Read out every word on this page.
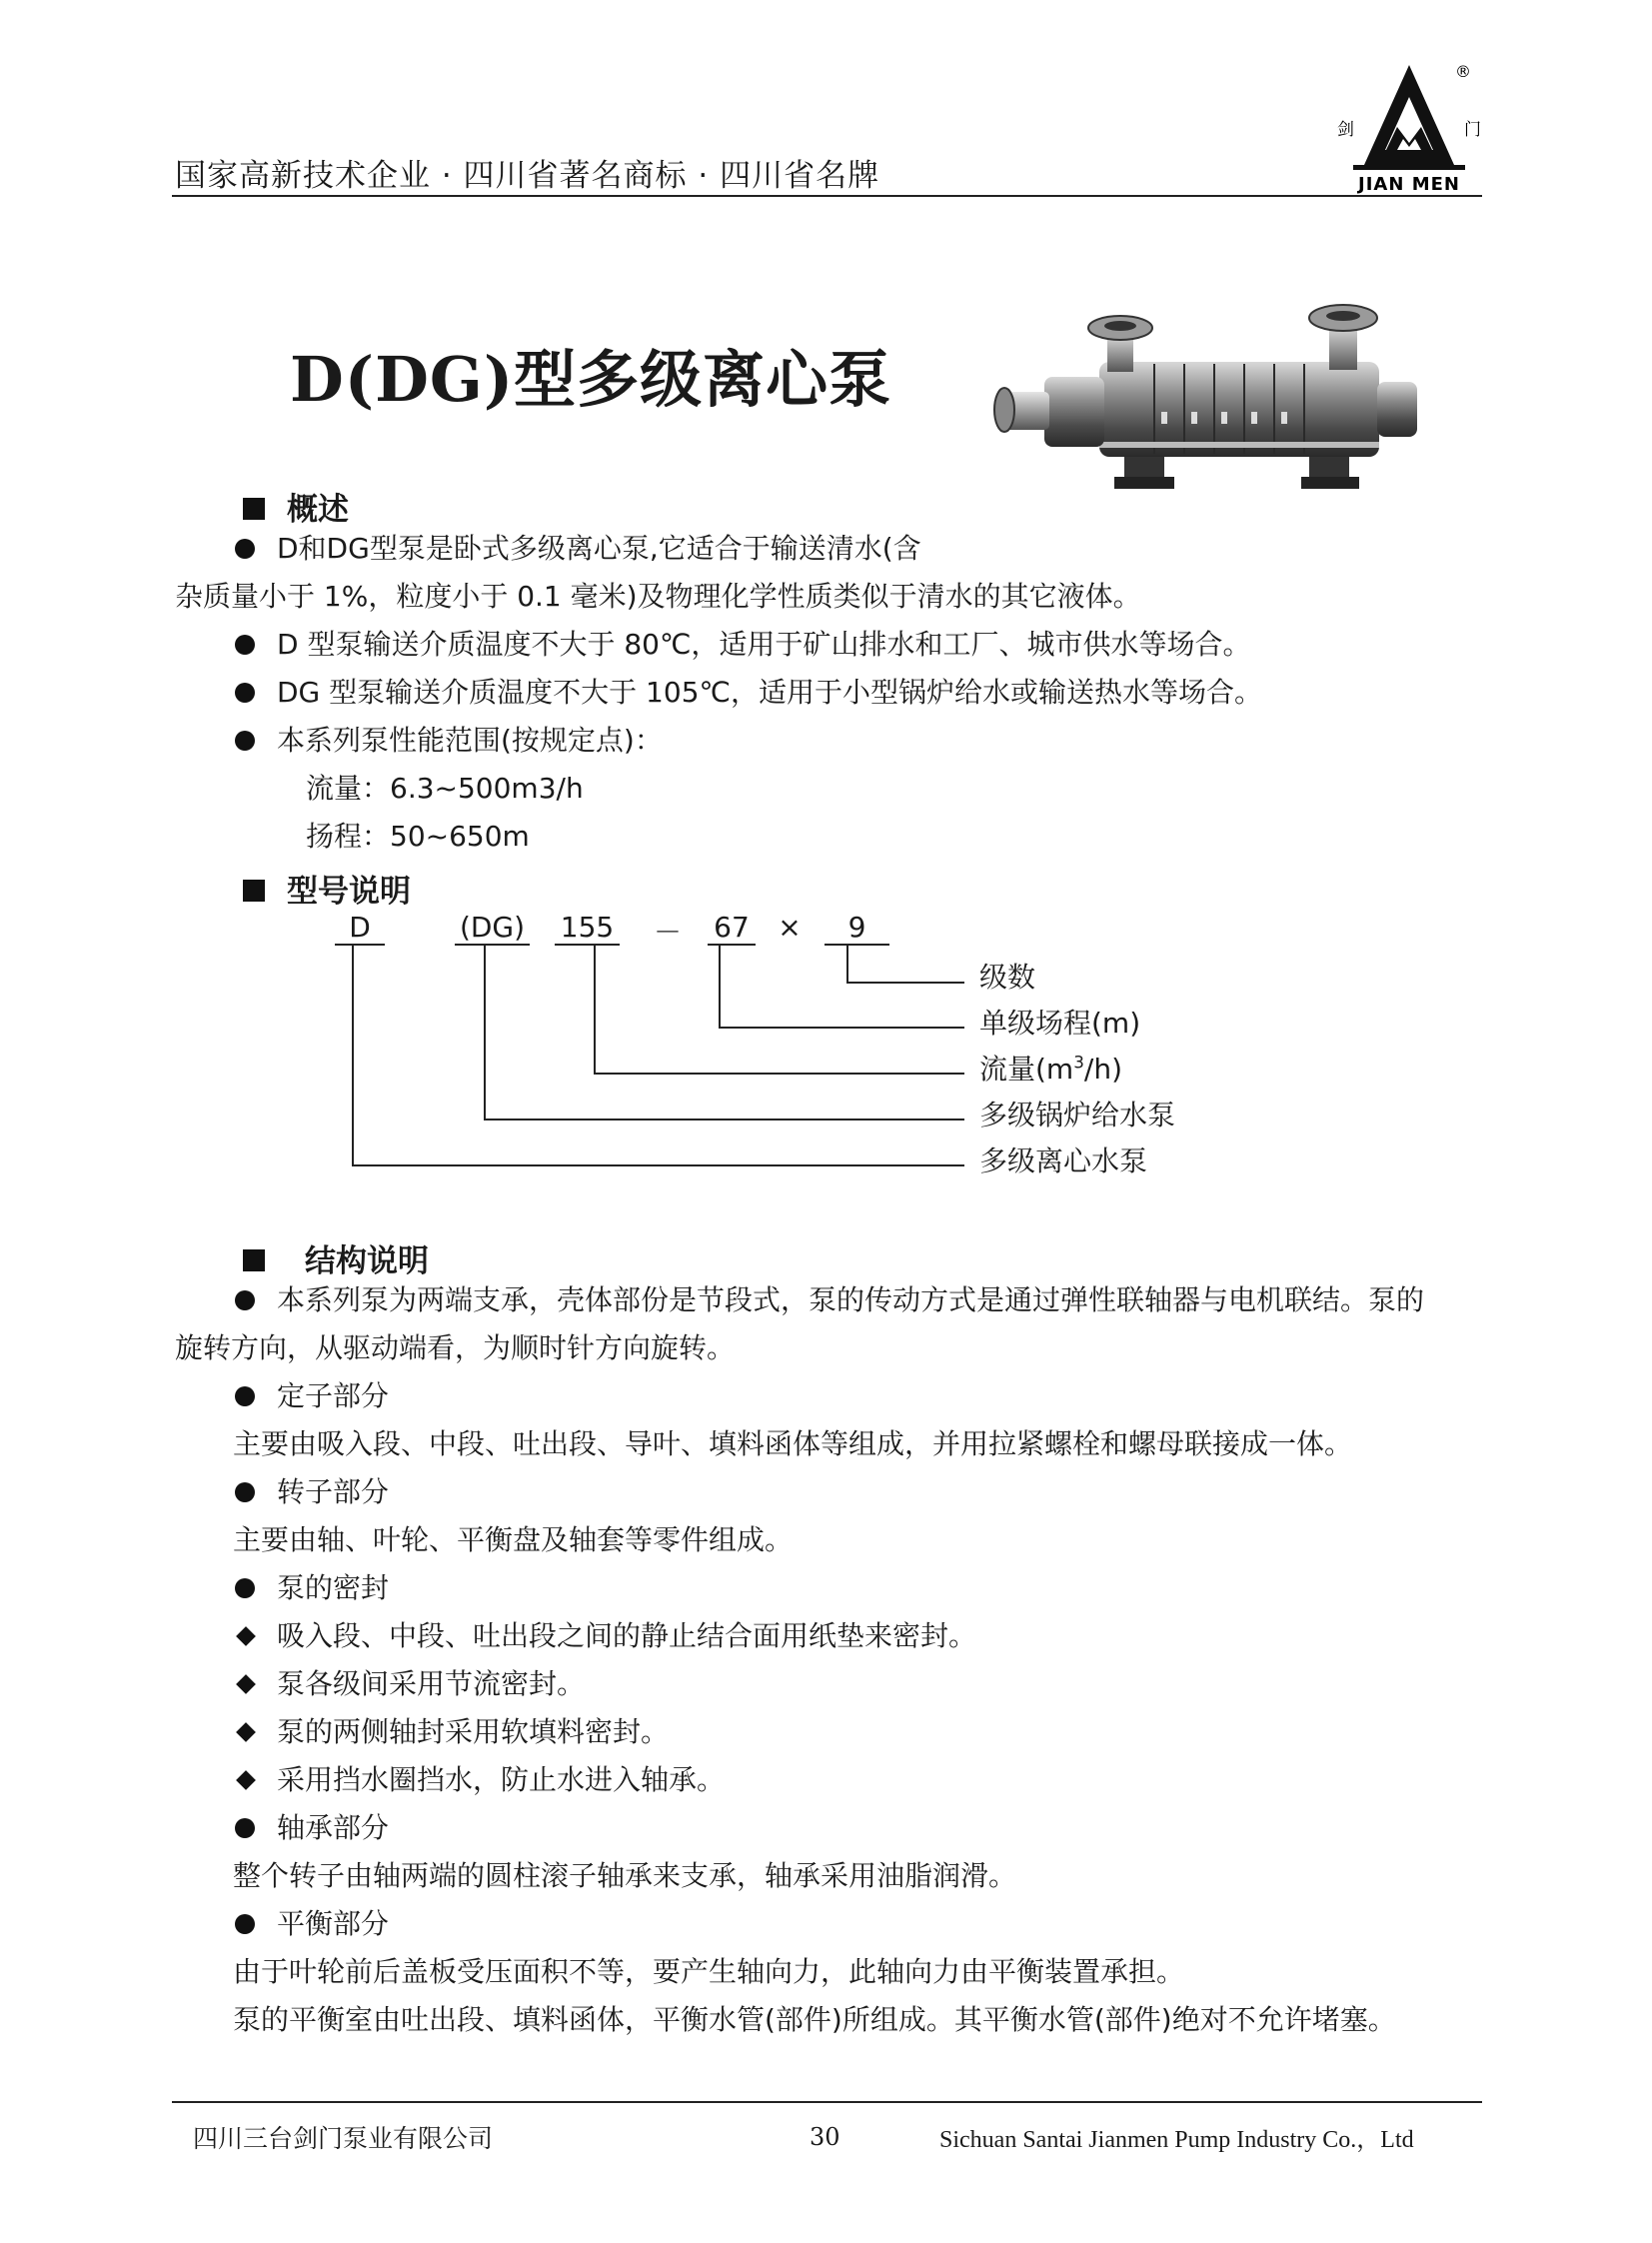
国家高新技术企业 · 四川省著名商标 · 四川省名牌
剑	门
®
JIAN MEN
D(DG)型多级离心泵
概述
D和DG型泵是卧式多级离心泵,它适合于输送清水(含
杂质量小于 1%，粒度小于 0.1 毫米)及物理化学性质类似于清水的其它液体。
D 型泵输送介质温度不大于 80℃，适用于矿山排水和工厂、城市供水等场合。
DG 型泵输送介质温度不大于 105℃，适用于小型锅炉给水或输送热水等场合。
本系列泵性能范围(按规定点)：
流量：6.3~500m3/h
扬程：50~650m
型号说明
D	(DG) 155 － 67 ×	9
级数
单级场程(m)
流量$(m^3/h)$
多级锅炉给水泵
多级离心水泵
结构说明
本系列泵为两端支承，壳体部份是节段式，泵的传动方式是通过弹性联轴器与电机联结。泵的
旋转方向，从驱动端看，为顺时针方向旋转。
定子部分
主要由吸入段、中段、吐出段、导叶、填料函体等组成，并用拉紧螺栓和螺母联接成一体。
转子部分
主要由轴、叶轮、平衡盘及轴套等零件组成。
泵的密封
吸入段、中段、吐出段之间的静止结合面用纸垫来密封。
泵各级间采用节流密封。
泵的两侧轴封采用软填料密封。
采用挡水圈挡水，防止水进入轴承。
轴承部分
整个转子由轴两端的圆柱滚子轴承来支承，轴承采用油脂润滑。
平衡部分
由于叶轮前后盖板受压面积不等，要产生轴向力，此轴向力由平衡装置承担。
泵的平衡室由吐出段、填料函体，平衡水管(部件)所组成。其平衡水管(部件)绝对不允许堵塞。
四川三台剑门泵业有限公司	30	Sichuan Santai Jianmen Pump Industry Co.，Ltd
